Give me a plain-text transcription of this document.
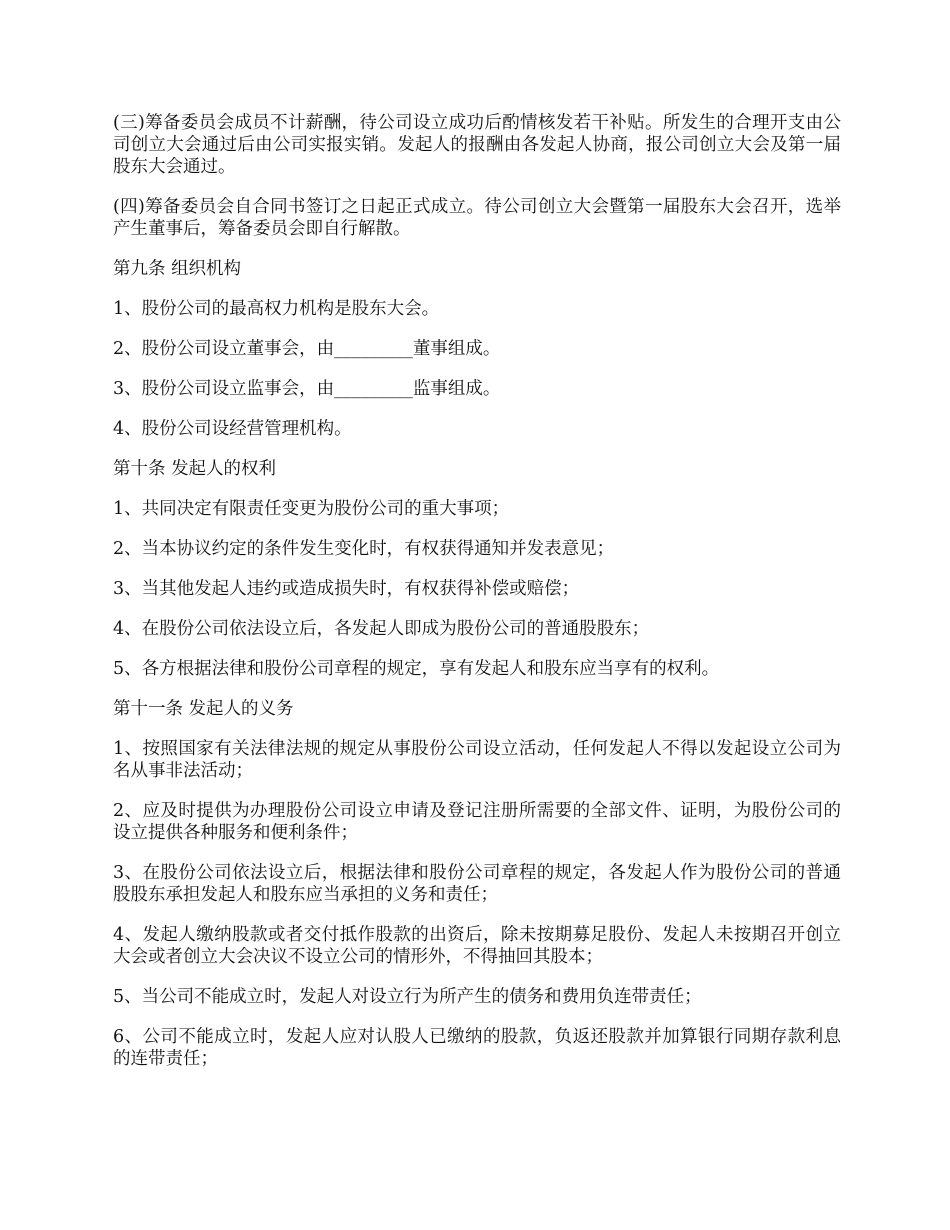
(三)筹备委员会成员不计薪酬，待公司设立成功后酌情核发若干补贴。所发生的合理开支由公司创立大会通过后由公司实报实销。发起人的报酬由各发起人协商，报公司创立大会及第一届股东大会通过。

(四)筹备委员会自合同书签订之日起正式成立。待公司创立大会暨第一届股东大会召开，选举产生董事后，筹备委员会即自行解散。

第九条 组织机构

1、股份公司的最高权力机构是股东大会。

2、股份公司设立董事会，由_________董事组成。

3、股份公司设立监事会，由_________监事组成。

4、股份公司设经营管理机构。

第十条 发起人的权利

1、共同决定有限责任变更为股份公司的重大事项；

2、当本协议约定的条件发生变化时，有权获得通知并发表意见；

3、当其他发起人违约或造成损失时，有权获得补偿或赔偿；

4、在股份公司依法设立后，各发起人即成为股份公司的普通股股东；

5、各方根据法律和股份公司章程的规定，享有发起人和股东应当享有的权利。

第十一条 发起人的义务

1、按照国家有关法律法规的规定从事股份公司设立活动，任何发起人不得以发起设立公司为名从事非法活动；

2、应及时提供为办理股份公司设立申请及登记注册所需要的全部文件、证明，为股份公司的设立提供各种服务和便利条件；

3、在股份公司依法设立后，根据法律和股份公司章程的规定，各发起人作为股份公司的普通股股东承担发起人和股东应当承担的义务和责任；

4、发起人缴纳股款或者交付抵作股款的出资后，除未按期募足股份、发起人未按期召开创立大会或者创立大会决议不设立公司的情形外，不得抽回其股本；

5、当公司不能成立时，发起人对设立行为所产生的债务和费用负连带责任；

6、公司不能成立时，发起人应对认股人已缴纳的股款，负返还股款并加算银行同期存款利息的连带责任；
